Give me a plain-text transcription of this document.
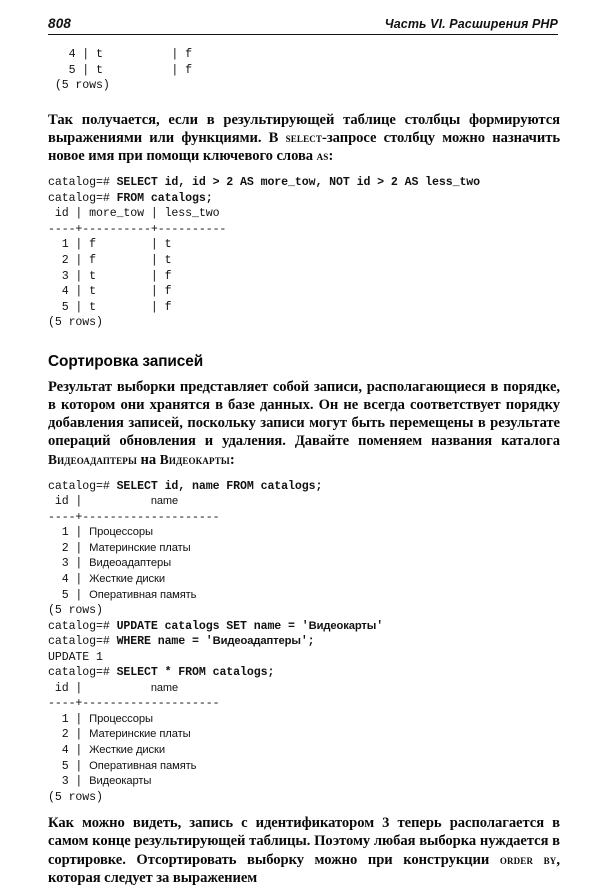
808	Часть VI. Расширения PHP
4 | t          | f
5 | t          | f
(5 rows)

Так получается, если в результирующей таблице столбцы формируются выражениями или функциями. В select-запросе столбцу можно назначить новое имя при помощи ключевого слова as:

catalog=# SELECT id, id > 2 AS more_tow, NOT id > 2 AS less_two
catalog=# FROM catalogs;
id | more_tow | less_two
----+----------+----------
1 | f        | t
2 | f        | t
3 | t        | f
4 | t        | f
5 | t        | f
(5 rows)
Сортировка записей

Результат выборки представляет собой записи, располагающиеся в порядке, в котором они хранятся в базе данных. Он не всегда соответствует порядку добавления записей, поскольку записи могут быть перемещены в результате операций обновления и удаления. Давайте поменяем названия каталога Видеоадаптеры на Видеокарты:

catalog=# SELECT id, name FROM catalogs;
id |	name
----+--------------------
1 | Процессоры
2 | Материнские платы
3 | Видеоадаптеры
4 | Жесткие диски
5 | Оперативная память
(5 rows)
catalog=# UPDATE catalogs SET name = 'Видеокарты'
catalog=# WHERE name = 'Видеоадаптеры';
UPDATE 1
catalog=# SELECT * FROM catalogs;
id |	name
----+--------------------
1 | Процессоры
2 | Материнские платы
4 | Жесткие диски
5 | Оперативная память
3 | Видеокарты
(5 rows)

Как можно видеть, запись с идентификатором 3 теперь располагается в самом конце результирующей таблицы. Поэтому любая выборка нуждается в сортировке. Отсортировать выборку можно при конструкции order by, которая следует за выражением
